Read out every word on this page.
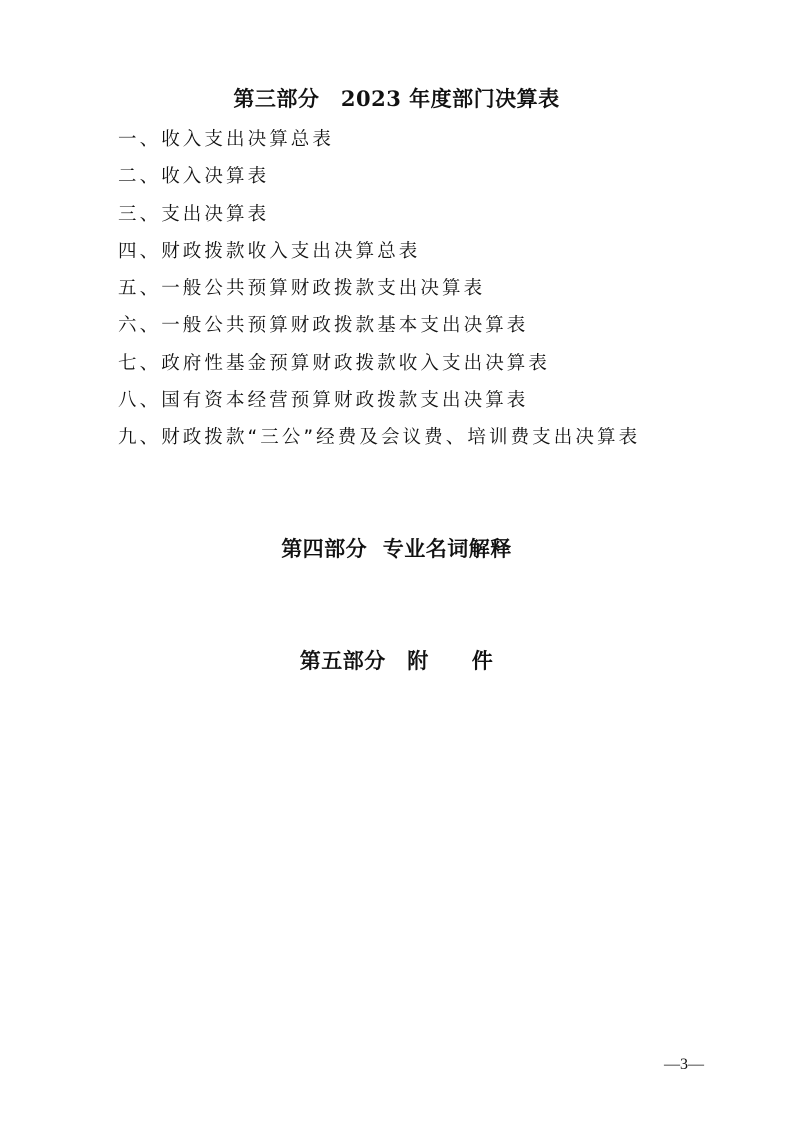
第三部分　2023 年度部门决算表
一、收入支出决算总表
二、收入决算表
三、支出决算表
四、财政拨款收入支出决算总表
五、一般公共预算财政拨款支出决算表
六、一般公共预算财政拨款基本支出决算表
七、政府性基金预算财政拨款收入支出决算表
八、国有资本经营预算财政拨款支出决算表
九、财政拨款“三公”经费及会议费、培训费支出决算表
第四部分  专业名词解释
第五部分　附　　件
—3—
